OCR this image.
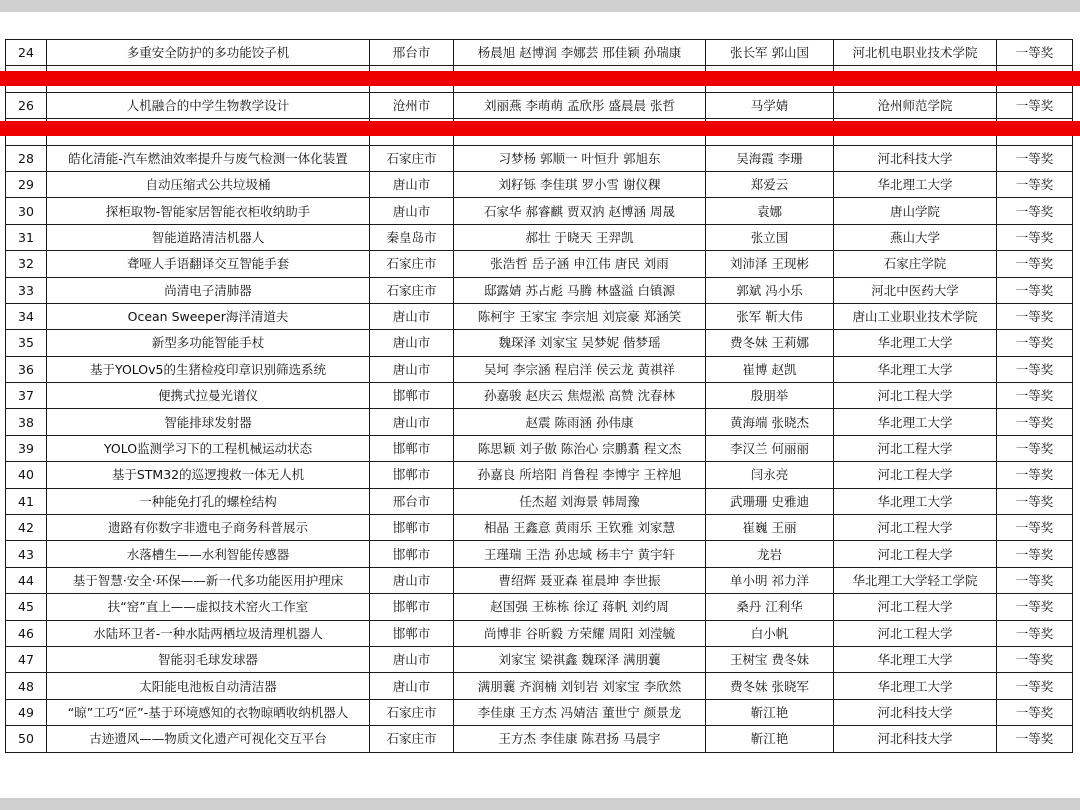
24	多重安全防护的多功能饺子机	邢台市	杨晨旭 赵博润 李娜芸 邢佳颖 孙瑞康	张长军 郭山国	河北机电职业技术学院	一等奖

26	人机融合的中学生物教学设计	沧州市	刘丽燕 李萌萌 孟欣彤 盛晨晨 张哲	马学婧	沧州师范学院	一等奖

28	皓化清能-汽车燃油效率提升与废气检测一体化装置	石家庄市	习梦杨 郭顺一 叶恒升 郭旭东	吴海霞 李珊	河北科技大学	一等奖
29	自动压缩式公共垃圾桶	唐山市	刘籽铄 李佳琪 罗小雪 谢仪稞	郑爱云	华北理工大学	一等奖
30	探柜取物-智能家居智能衣柜收纳助手	唐山市	石家华 郝睿麒 贾双汭 赵博涵 周晟	袁娜	唐山学院	一等奖
31	智能道路清洁机器人	秦皇岛市	郝壮 于晓天 王羿凯	张立国	燕山大学	一等奖
32	聋哑人手语翻译交互智能手套	石家庄市	张浩哲 岳子涵 申江伟 唐民 刘雨	刘沛泽 王现彬	石家庄学院	一等奖
33	尚清电子清肺器	石家庄市	邸露婧 苏占彪 马腾 林盛溢 白镇源	郭斌 冯小乐	河北中医药大学	一等奖
34	Ocean Sweeper海洋清道夫	唐山市	陈柯宇 王家宝 李宗旭 刘宸豪 郑涵笑	张军 靳大伟	唐山工业职业技术学院	一等奖
35	新型多功能智能手杖	唐山市	魏琛泽 刘家宝 吴梦妮 偕梦瑶	费冬妹 王莉娜	华北理工大学	一等奖
36	基于YOLOv5的生猪检疫印章识别筛选系统	唐山市	吴坷 李宗涵 程启洋 侯云龙 黄祺祥	崔博 赵凯	华北理工大学	一等奖
37	便携式拉曼光谱仪	邯郸市	孙嘉骏 赵庆云 焦煜淞 高赞 沈春林	殷朋举	河北工程大学	一等奖
38	智能排球发射器	唐山市	赵震 陈雨涵 孙伟康	黄海端 张晓杰	华北理工大学	一等奖
39	YOLO监测学习下的工程机械运动状态	邯郸市	陈思颖 刘子傲 陈治心 宗鹏翥 程文杰	李汉兰 何丽丽	河北工程大学	一等奖
40	基于STM32的巡逻搜救一体无人机	邯郸市	孙嘉良 所培阳 肖鲁程 李博宇 王梓旭	闫永亮	河北工程大学	一等奖
41	一种能免打孔的螺栓结构	邢台市	任杰超 刘海景 韩周豫	武珊珊 史雅迪	华北理工大学	一等奖
42	遗路有你数字非遗电子商务科普展示	邯郸市	相晶 王鑫意 黄雨乐 王钦雅 刘家慧	崔巍 王丽	河北工程大学	一等奖
43	水落槽生——水利智能传感器	邯郸市	王瑾瑞 王浩 孙忠域 杨丰宁 黄宇轩	龙岩	河北工程大学	一等奖
44	基于智慧·安全·环保——新一代多功能医用护理床	唐山市	曹绍辉 聂亚森 崔晨坤 李世振	单小明 祁力洋	华北理工大学轻工学院	一等奖
45	扶“窑”直上——虚拟技术窑火工作室	邯郸市	赵国强 王栋栋 徐辽 蒋帆 刘约周	桑丹 江利华	河北工程大学	一等奖
46	水陆环卫者-一种水陆两栖垃圾清理机器人	邯郸市	尚博非 谷昕毅 方荣耀 周阳 刘滢毓	白小帆	河北工程大学	一等奖
47	智能羽毛球发球器	唐山市	刘家宝 梁祺鑫 魏琛泽 满朋蘘	王树宝 费冬妹	华北理工大学	一等奖
48	太阳能电池板自动清洁器	唐山市	满朋蘘 齐润楠 刘钊岩 刘家宝 李欣然	费冬妹 张晓军	华北理工大学	一等奖
49	“晾”工巧“匠”-基于环境感知的衣物晾晒收纳机器人	石家庄市	李佳康 王方杰 冯婧洁 董世宁 颜景龙	靳江艳	河北科技大学	一等奖
50	古迹遗风——物质文化遗产可视化交互平台	石家庄市	王方杰 李佳康 陈君扬 马晨宇	靳江艳	河北科技大学	一等奖
